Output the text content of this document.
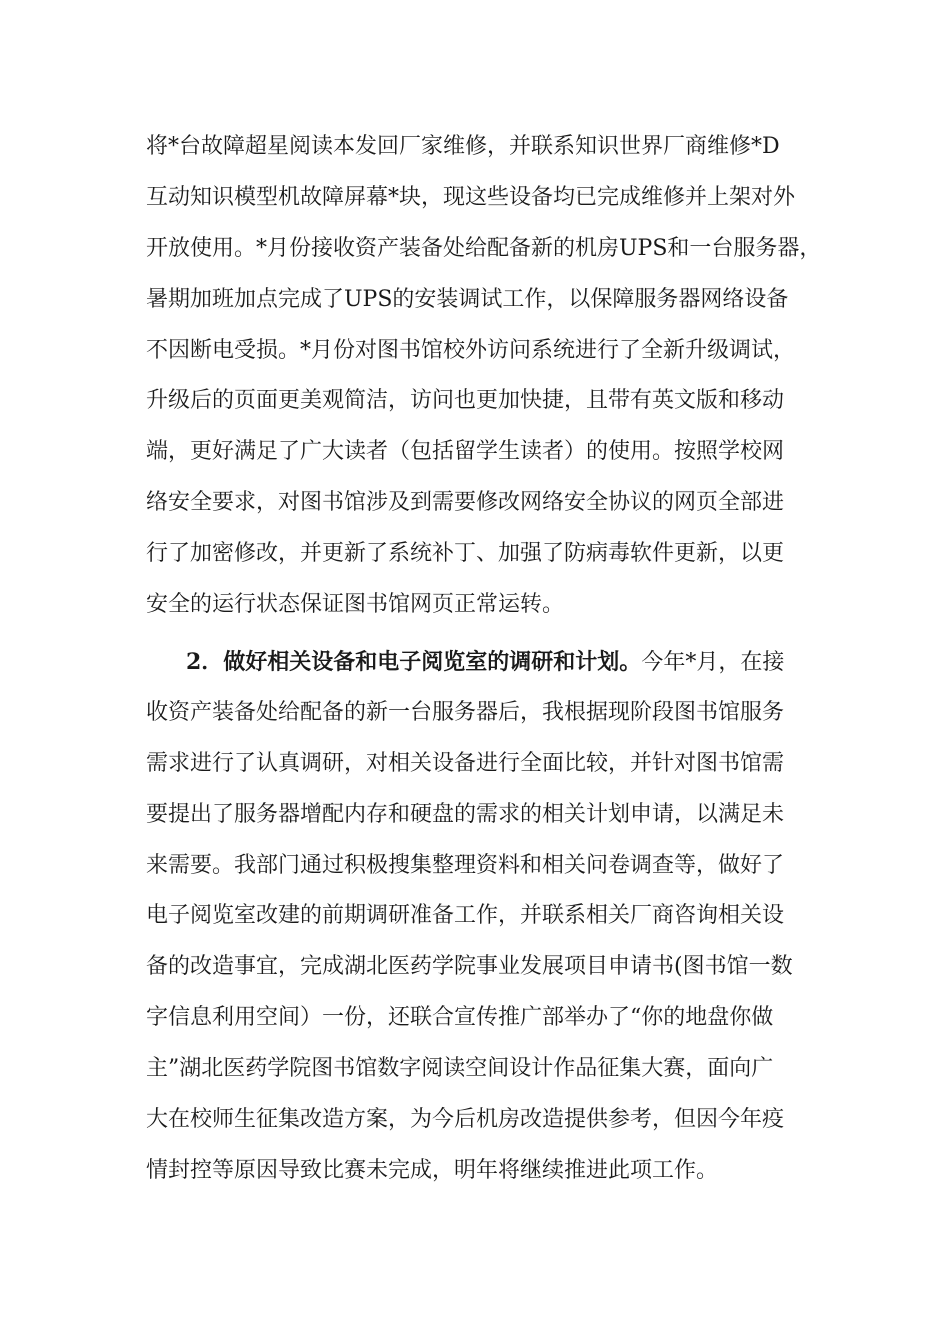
将*台故障超星阅读本发回厂家维修，并联系知识世界厂商维修*D
互动知识模型机故障屏幕*块，现这些设备均已完成维修并上架对外
开放使用。*月份接收资产装备处给配备新的机房UPS和一台服务器，
暑期加班加点完成了UPS的安装调试工作，以保障服务器网络设备
不因断电受损。*月份对图书馆校外访问系统进行了全新升级调试，
升级后的页面更美观简洁，访问也更加快捷，且带有英文版和移动
端，更好满足了广大读者（包括留学生读者）的使用。按照学校网
络安全要求，对图书馆涉及到需要修改网络安全协议的网页全部进
行了加密修改，并更新了系统补丁、加强了防病毒软件更新，以更
安全的运行状态保证图书馆网页正常运转。
2．做好相关设备和电子阅览室的调研和计划。今年*月，在接
收资产装备处给配备的新一台服务器后，我根据现阶段图书馆服务
需求进行了认真调研，对相关设备进行全面比较，并针对图书馆需
要提出了服务器增配内存和硬盘的需求的相关计划申请，以满足未
来需要。我部门通过积极搜集整理资料和相关问卷调查等，做好了
电子阅览室改建的前期调研准备工作，并联系相关厂商咨询相关设
备的改造事宜，完成湖北医药学院事业发展项目申请书(图书馆一数
字信息利用空间）一份，还联合宣传推广部举办了“你的地盘你做
主”湖北医药学院图书馆数字阅读空间设计作品征集大赛，面向广
大在校师生征集改造方案，为今后机房改造提供参考，但因今年疫
情封控等原因导致比赛未完成，明年将继续推进此项工作。
